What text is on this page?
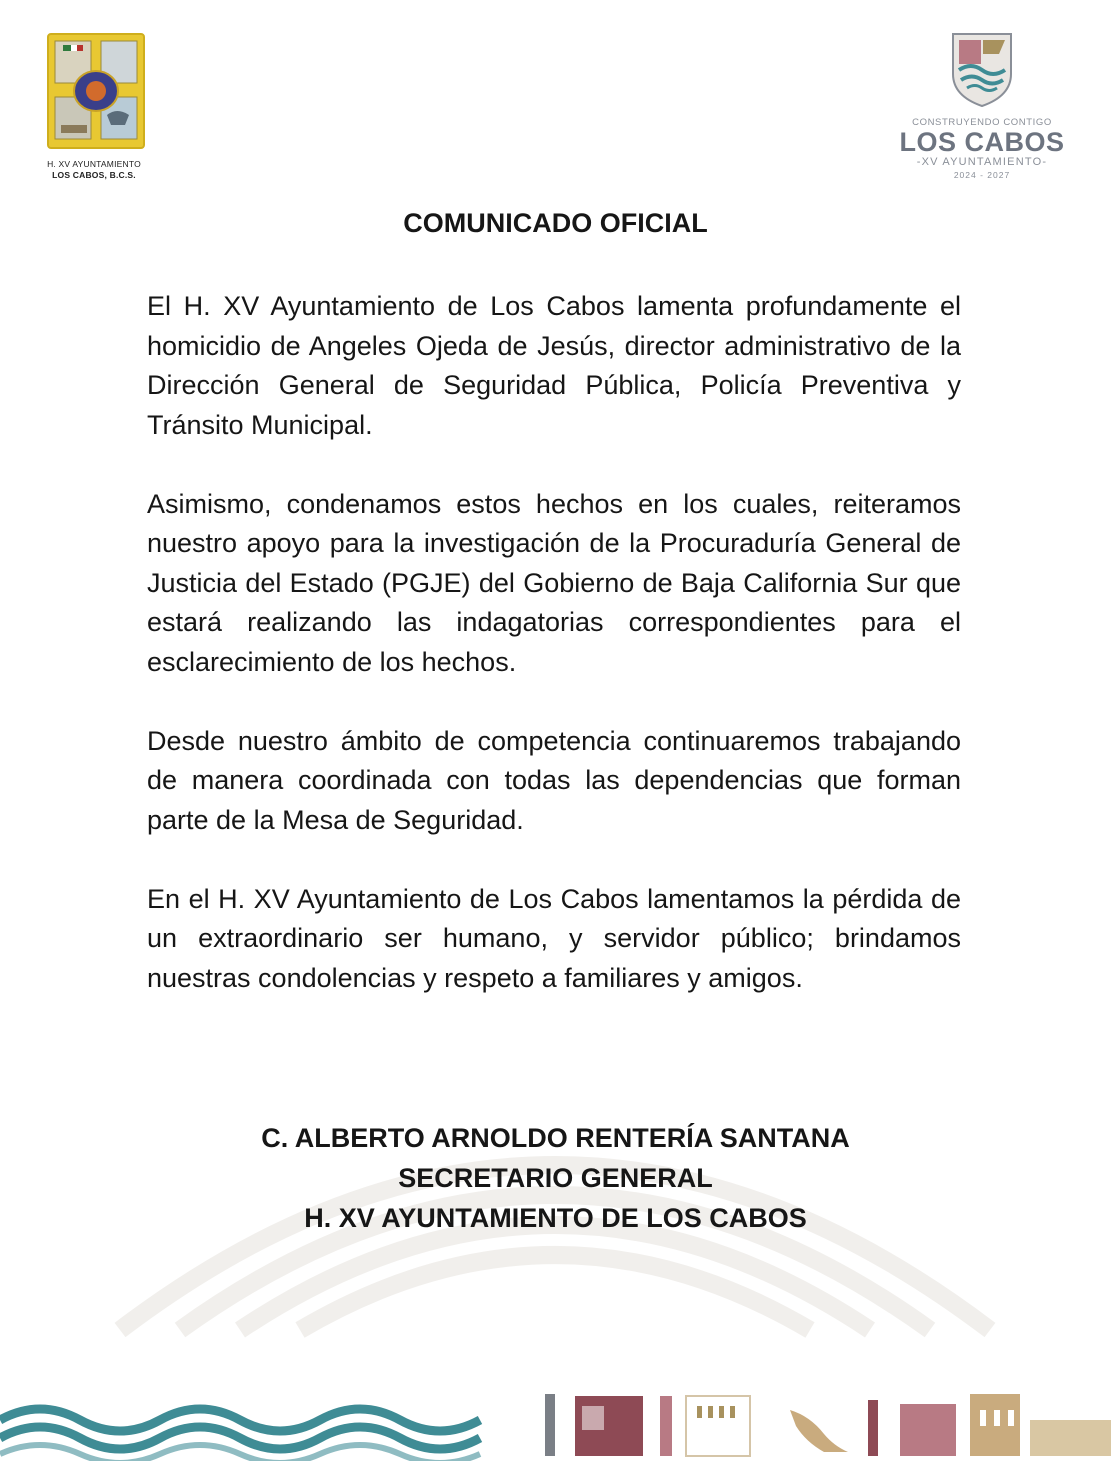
H. XV AYUNTAMIENTO
LOS CABOS, B.C.S.
CONSTRUYENDO CONTIGO
LOS CABOS
-XV AYUNTAMIENTO-
2024 - 2027
COMUNICADO OFICIAL

El H. XV Ayuntamiento de Los Cabos lamenta profundamente el homicidio de Angeles Ojeda de Jesús, director administrativo de la Dirección General de Seguridad Pública, Policía Preventiva y Tránsito Municipal.

Asimismo, condenamos estos hechos en los cuales, reiteramos nuestro apoyo para la investigación de la Procuraduría General de Justicia del Estado (PGJE) del Gobierno de Baja California Sur que estará realizando las indagatorias correspondientes para el esclarecimiento de los hechos.

Desde nuestro ámbito de competencia continuaremos trabajando de manera coordinada con todas las dependencias que forman parte de la Mesa de Seguridad.

En el H. XV Ayuntamiento de Los Cabos lamentamos la pérdida de un extraordinario ser humano, y servidor público; brindamos nuestras condolencias y respeto a familiares y amigos.

C. ALBERTO ARNOLDO RENTERÍA SANTANA
SECRETARIO GENERAL
H. XV AYUNTAMIENTO DE LOS CABOS
